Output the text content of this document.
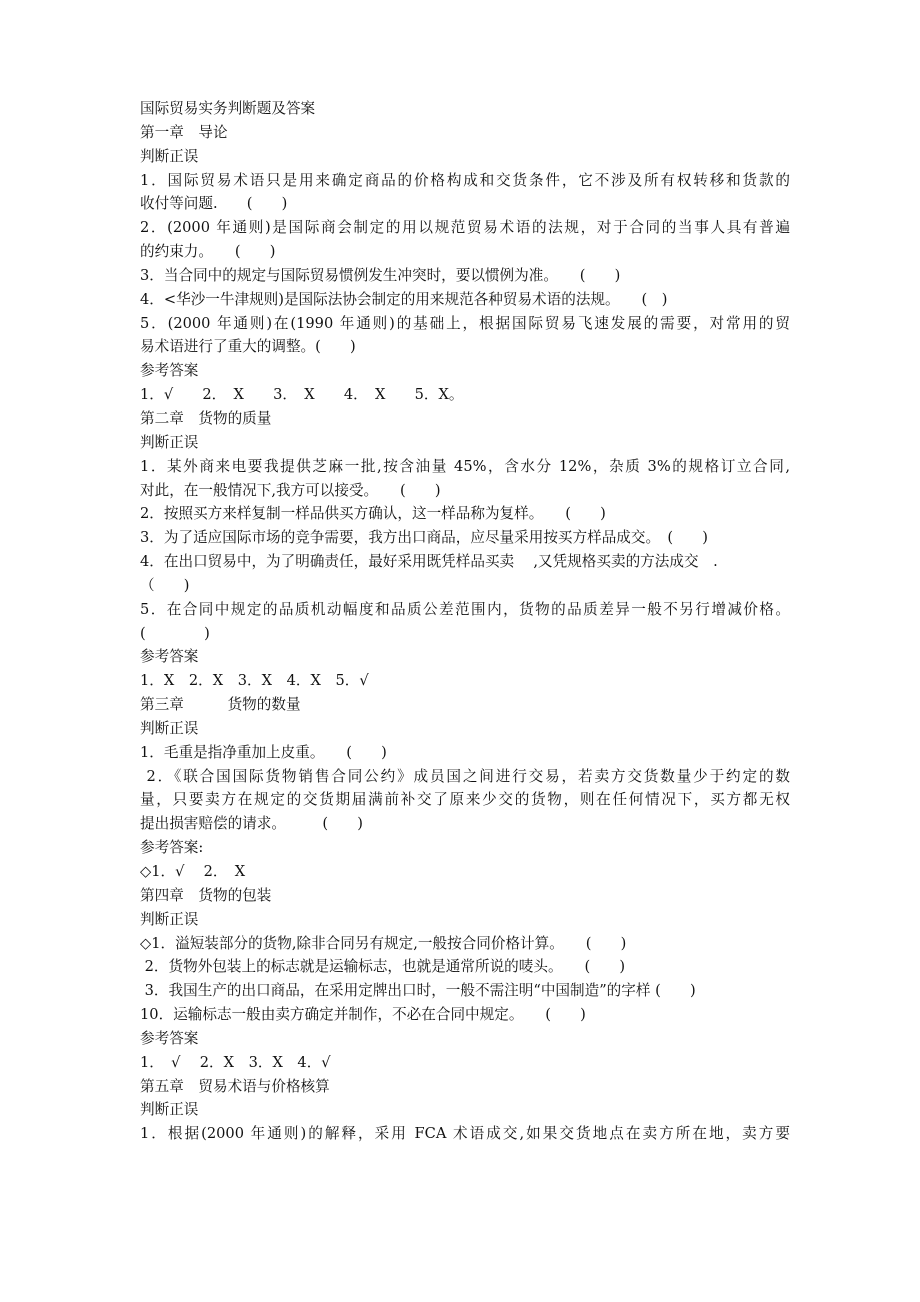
国际贸易实务判断题及答案
第一章　导论
判断正误
1．国际贸易术语只是用来确定商品的价格构成和交货条件，它不涉及所有权转移和货款的
收付等问题.　　(　　)
2．(2000 年通则)是国际商会制定的用以规范贸易术语的法规，对于合同的当事人具有普遍
的约束力。　　(　　)
3．当合同中的规定与国际贸易惯例发生冲突时，要以惯例为准。　　(　　)
4．<华沙一牛津规则)是国际法协会制定的用来规范各种贸易术语的法规。　　(　)
5．(2000 年通则)在(1990 年通则)的基础上，根据国际贸易飞速发展的需要，对常用的贸
易术语进行了重大的调整。(　　)
参考答案
1．√　　2．　X　　3．　X　　4．　X　　5．X。
第二章　货物的质量
判断正误
1．某外商来电要我提供芝麻一批,按含油量 45%，含水分 12%，杂质 3%的规格订立合同,
对此，在一般情况下,我方可以接受。　　(　　)
2．按照买方来样复制一样品供买方确认，这一样品称为复样。　　(　　)
3．为了适应国际市场的竞争需要，我方出口商品，应尽量采用按买方样品成交。　(　　)
4．在出口贸易中，为了明确责任，最好采用既凭样品买卖　 ,又凭规格买卖的方法成交　.
（　　)
5．在合同中规定的品质机动幅度和品质公差范围内，货物的品质差异一般不另行增减价格。
(　　　　)
参考答案
1．X　2．X　3．X　4．X　5．√
第三章　　　货物的数量
判断正误
1．毛重是指净重加上皮重。　　(　　)
2．《联合国国际货物销售合同公约》成员国之间进行交易，若卖方交货数量少于约定的数
量，只要卖方在规定的交货期届满前补交了原来少交的货物，则在任何情况下，买方都无权
提出损害赔偿的请求。　　　(　　)
参考答案:
◇1．√　 2．　X
第四章　货物的包装
判断正误
◇1．溢短装部分的货物,除非合同另有规定,一般按合同价格计算。　　(　　)
2．货物外包装上的标志就是运输标志，也就是通常所说的唛头。　　(　　)
3．我国生产的出口商品，在采用定牌出口时，一般不需注明“中国制造”的字样 (　　)
10．运输标志一般由卖方确定并制作，不必在合同中规定。　　(　　)
参考答案
1．　√　 2．X　3．X　4．√
第五章　贸易术语与价格核算
判断正误
1．根据(2000 年通则)的解释，采用 FCA 术语成交,如果交货地点在卖方所在地，卖方要
